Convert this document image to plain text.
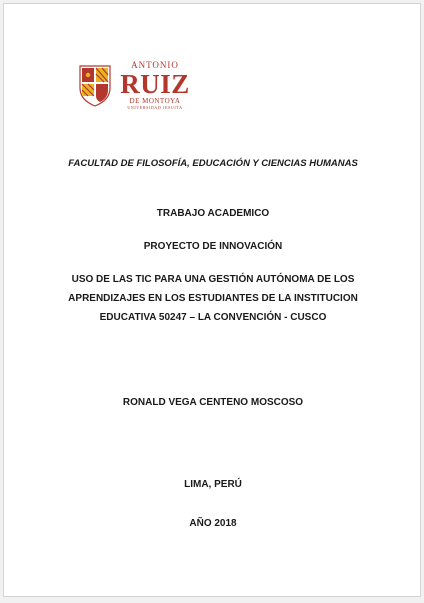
ANTONIO
RUIZ
DE MONTOYA
UNIVERSIDAD JESUITA
FACULTAD DE FILOSOFÍA, EDUCACIÓN Y CIENCIAS HUMANAS
TRABAJO ACADEMICO
PROYECTO DE INNOVACIÓN
USO DE LAS TIC PARA UNA GESTIÓN AUTÓNOMA DE LOS
APRENDIZAJES EN LOS ESTUDIANTES DE LA INSTITUCION
EDUCATIVA 50247 – LA CONVENCIÓN - CUSCO
RONALD VEGA CENTENO MOSCOSO
LIMA, PERÚ
AÑO 2018
